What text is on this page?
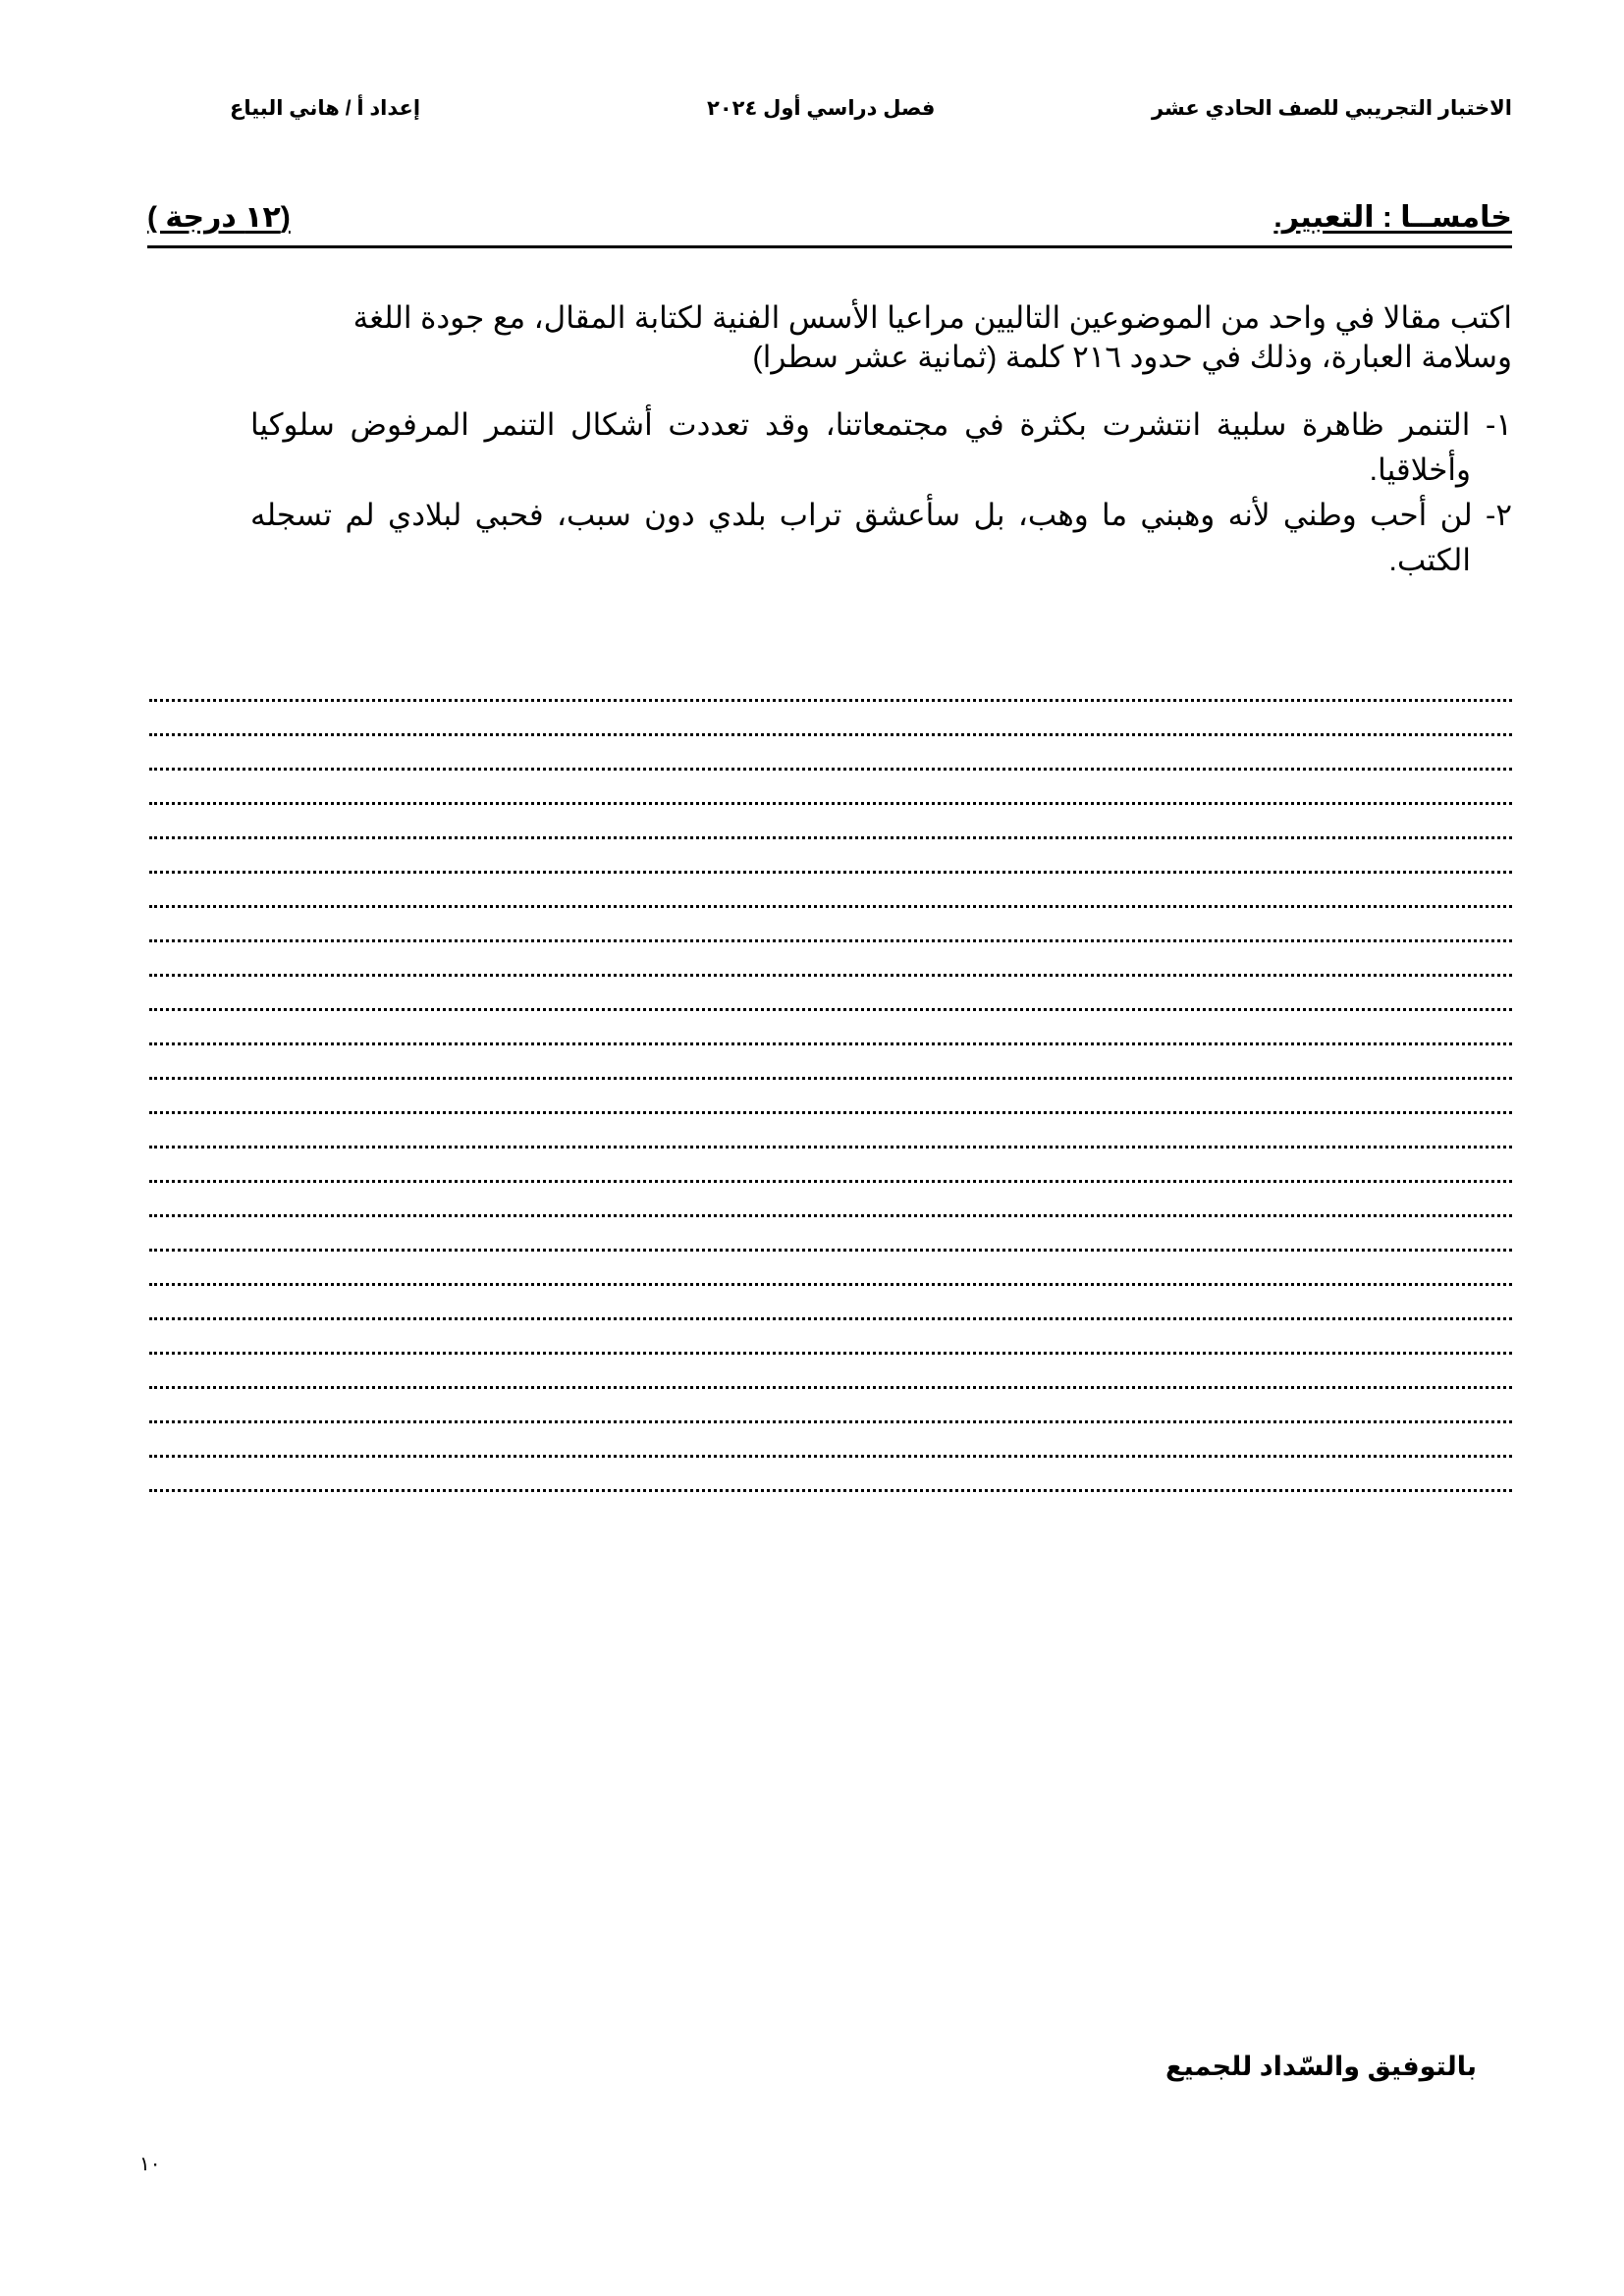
الاختبار التجريبي للصف الحادي عشر
فصل دراسي أول ٢٠٢٤
إعداد أ / هاني البياع
خامســا : التعبير.
(١٢ درجة )
اكتب مقالا في واحد من الموضوعين التاليين مراعيا الأسس الفنية لكتابة المقال، مع جودة اللغة
وسلامة العبارة، وذلك في حدود ٢١٦ كلمة (ثمانية عشر سطرا)

١- التنمر ظاهرة سلبية انتشرت بكثرة في مجتمعاتنا، وقد تعددت أشكال التنمر المرفوض سلوكيا وأخلاقيا.

٢- لن أحب وطني لأنه وهبني ما وهب، بل سأعشق تراب بلدي دون سبب، فحبي لبلادي لم تسجله الكتب.

بالتوفيق والسّداد للجميع
١٠
